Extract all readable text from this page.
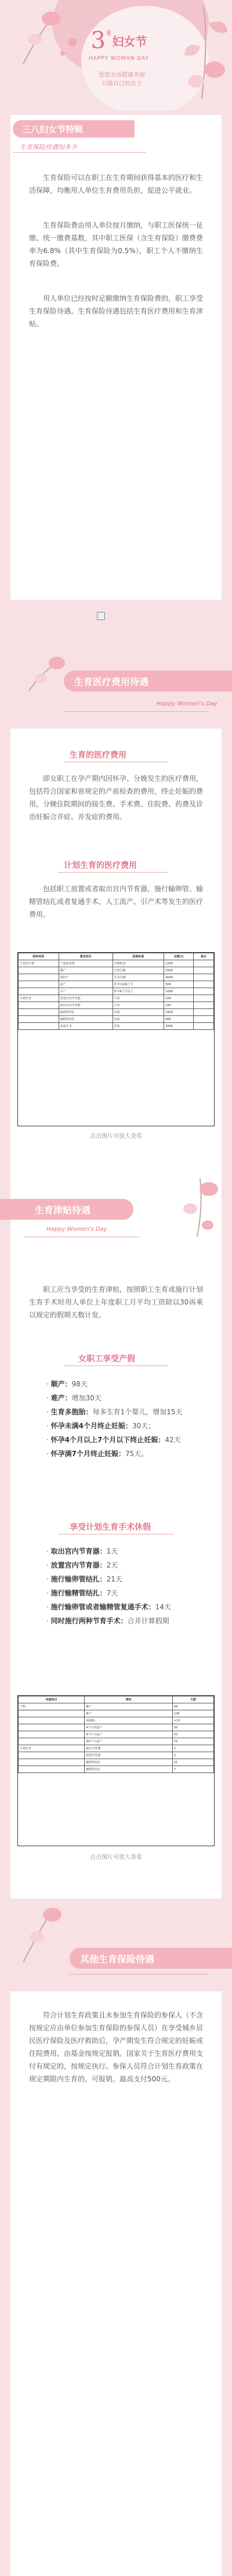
3 $^8$妇女节
HAPPY WOMAN DAY
愿您永远健康美丽
只做自己的女王
三八妇女节特辑
生育保险待遇知多少

生育保险可以在职工在生育期间获得基本的医疗和生活保障，均衡用人单位生育费用负担，促进公平就业。

生育保险费由用人单位按月缴纳，与职工医保统一征缴、统一缴费基数，其中职工医保（含生育保险）缴费费率为6.8%（其中生育保险为0.5%），职工个人不缴纳生育保险费。

用人单位已经按时足额缴纳生育保险费的，职工享受生育保险待遇。生育保险待遇包括生育医疗费用和生育津贴。

生育医疗费用待遇
Happy Women's Day
生育的医疗费用

即女职工在孕产期内因怀孕、分娩发生的医疗费用，包括符合国家和省规定的产前检查的费用，终止妊娠的费用，分娩住院期间的接生费、手术费、住院费、药费及诊治妊娠合并症、并发症的费用。

计划生育的医疗费用

包括职工放置或者取出宫内节育器，施行输卵管、输精管结扎或者复通手术，人工流产、引产术等发生的医疗费用。

险种类别	费用项目	报销标准	定额/元	备注
生育医疗费	产前检查费	孕期检查	1200	
	顺产	自然分娩	2500	
	剖宫产	手术分娩	4000	
	流产	怀孕未满4个月	500	
	引产	怀孕4个月以上	1000	
计划生育	放置宫内节育器	门诊	100	
	取出宫内节育器	门诊	100	
	输卵管结扎	住院	1500	
	输精管结扎	住院	800	
	复通手术	住院	3000	
点击图片可放大查看
生育津贴待遇
Happy Women's Day

职工应当享受的生育津贴，按照职工生育或施行计划生育手术时用人单位上年度职工月平均工资除以30再乘以规定的假期天数计发。

女职工享受产假
· 顺产：98天
· 难产：增加30天
· 生育多胞胎：每多生育1个婴儿，增加15天
· 怀孕未满4个月终止妊娠：30天；
· 怀孕4个月以上7个月以下终止妊娠：42天
· 怀孕满7个月终止妊娠：75天。
享受计划生育手术休假
· 取出宫内节育器：1天
· 放置宫内节育器：2天
· 施行输卵管结扎：21天
· 施行输精管结扎：7天
· 施行输卵管或者输精管复通手术：14天
· 同时施行两种节育手术：合并计算假期
待遇项目	情形	天数
产假	顺产	98
	难产	128
	多胞胎	+15
	4个月内流产	30
	4-7个月流产	42
	满7个月流产	75
计划生育	取出节育器	1
	放置节育器	2
	输卵管结扎	21
	输精管结扎	7
点击图片可放大查看
其他生育保险待遇

符合计划生育政策且未参加生育保险的参保人（不含按规定应由单位参加生育保险的参保人员）在享受城乡居民医疗保险及医疗救助后，孕产期发生符合规定的妊娠或住院费用，由基金按规定报销。国家关于生育医疗费用支付有规定的，按规定执行。参保人员符合计划生育政策在规定期限内生育的，可报销。最高支付500元。
